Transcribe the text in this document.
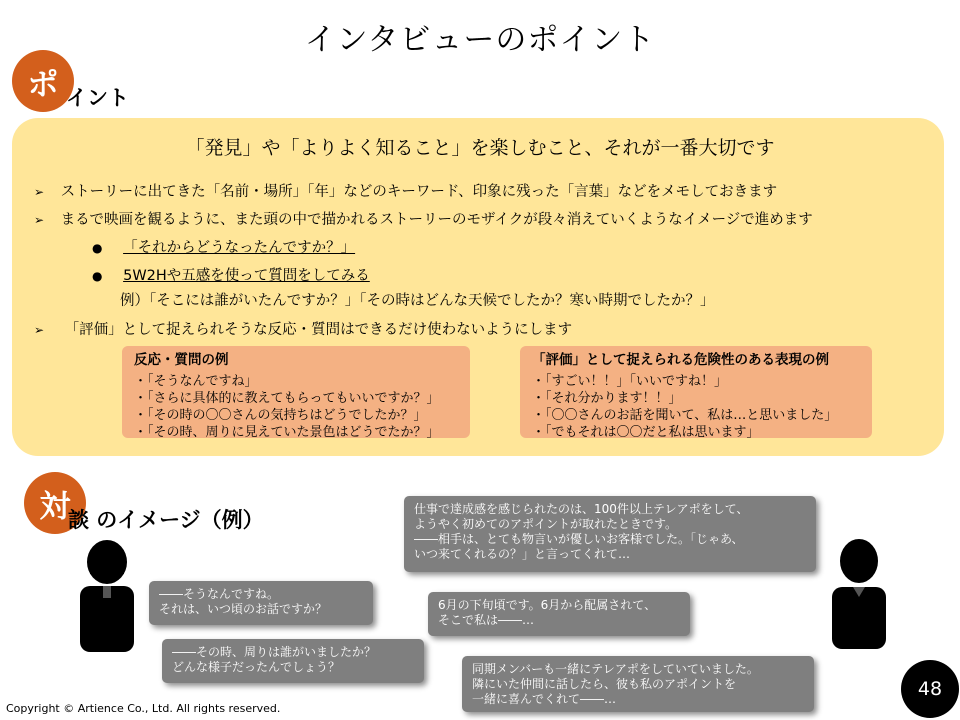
インタビューのポイント
ポ イント
「発見」や「よりよく知ること」を楽しむこと、それが一番大切です
➢ ストーリーに出てきた「名前・場所」「年」などのキーワード、印象に残った「言葉」などをメモしておきます
➢ まるで映画を観るように、また頭の中で描かれるストーリーのモザイクが段々消えていくようなイメージで進めます
● 「それからどうなったんですか？」
● 5W2Hや五感を使って質問をしてみる
例）「そこには誰がいたんですか？」「その時はどんな天候でしたか？寒い時期でしたか？」
➢ 「評価」として捉えられそうな反応・質問はできるだけ使わないようにします
反応・質問の例
・「そうなんですね」
・「さらに具体的に教えてもらってもいいですか？」
・「その時の〇〇さんの気持ちはどうでしたか？」
・「その時、周りに見えていた景色はどうでたか？」
「評価」として捉えられる危険性のある表現の例
・「すごい！！」「いいですね！」
・「それ分かります！！」
・「〇〇さんのお話を聞いて、私は…と思いました」
・「でもそれは〇〇だと私は思います」
対
談 のイメージ（例）
――そうなんですね。
それは、いつ頃のお話ですか？
――その時、周りは誰がいましたか？
どんな様子だったんでしょう？
仕事で達成感を感じられたのは、100件以上テレアポをして、
ようやく初めてのアポイントが取れたときです。
――相手は、とても物言いが優しいお客様でした。「じゃあ、
いつ来てくれるの？」と言ってくれて…
6月の下旬頃です。6月から配属されて、
そこで私は――…
同期メンバーも一緒にテレアポをしていていました。
隣にいた仲間に話したら、彼も私のアポイントを
一緒に喜んでくれて――…	48
Copyright © Artience Co., Ltd. All rights reserved.
